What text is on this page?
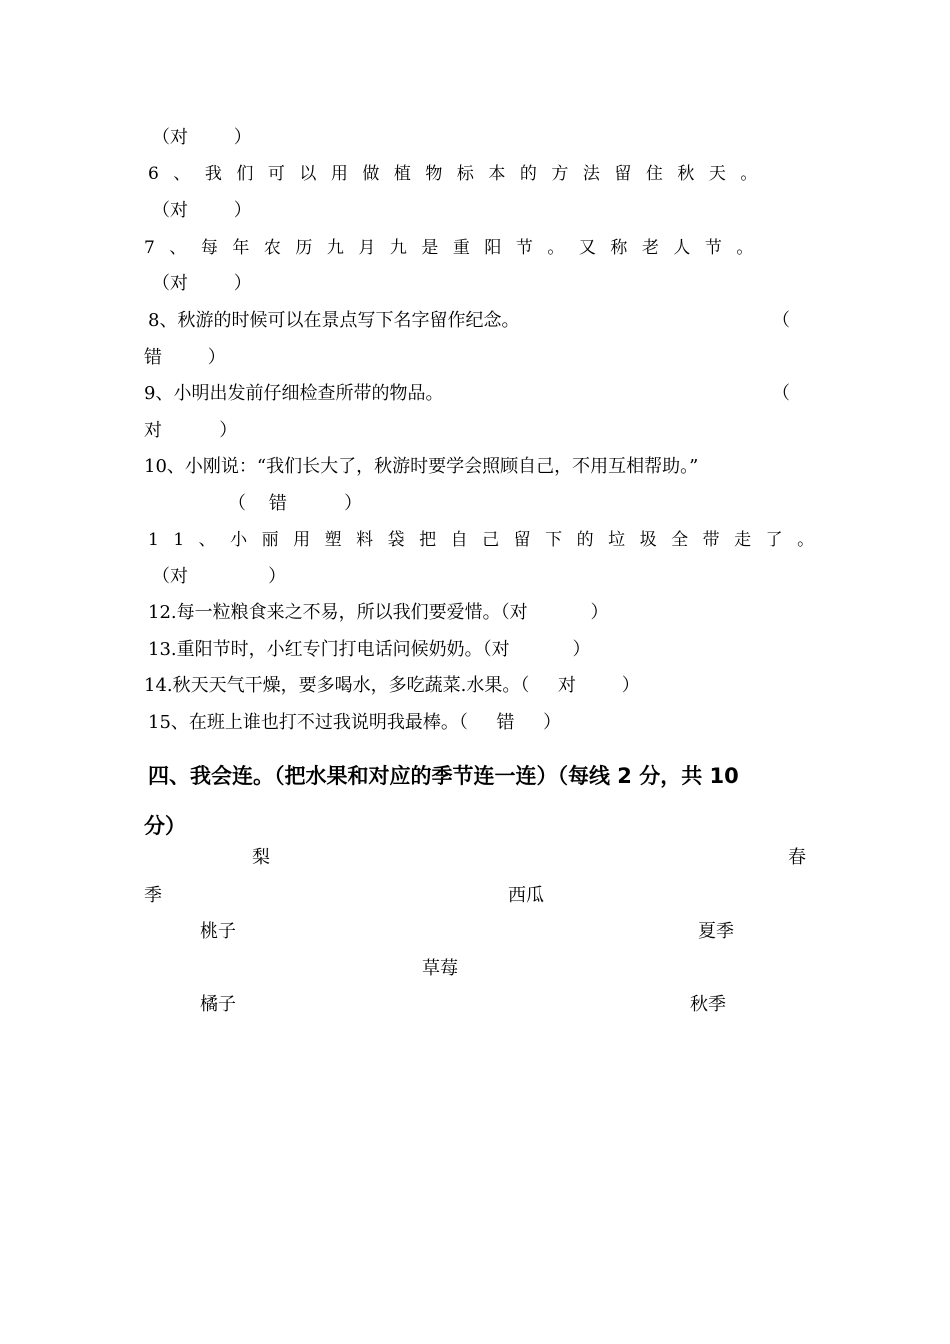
（对        ）
6、我们可以用做植物标本的方法留住秋天。
（对        ）
7、每年农历九月九是重阳节。又称老人节。
（对        ）
8、秋游的时候可以在景点写下名字留作纪念。	（
错        ）
9、小明出发前仔细检查所带的物品。	（
对          ）
10、小刚说：“我们长大了，秋游时要学会照顾自己，不用互相帮助。”
（    错          ）
11、小丽用塑料袋把自己留下的垃圾全带走了。
（对              ）
12.每一粒粮食来之不易，所以我们要爱惜。（对           ）
13.重阳节时，小红专门打电话问候奶奶。（对           ）
14.秋天天气干燥，要多喝水，多吃蔬菜.水果。（     对        ）
15、在班上谁也打不过我说明我最棒。（     错     ）
四、我会连。（把水果和对应的季节连一连）（每线 2 分，共 10
分）
梨	春
季	西瓜
桃子	夏季
草莓
橘子	秋季
